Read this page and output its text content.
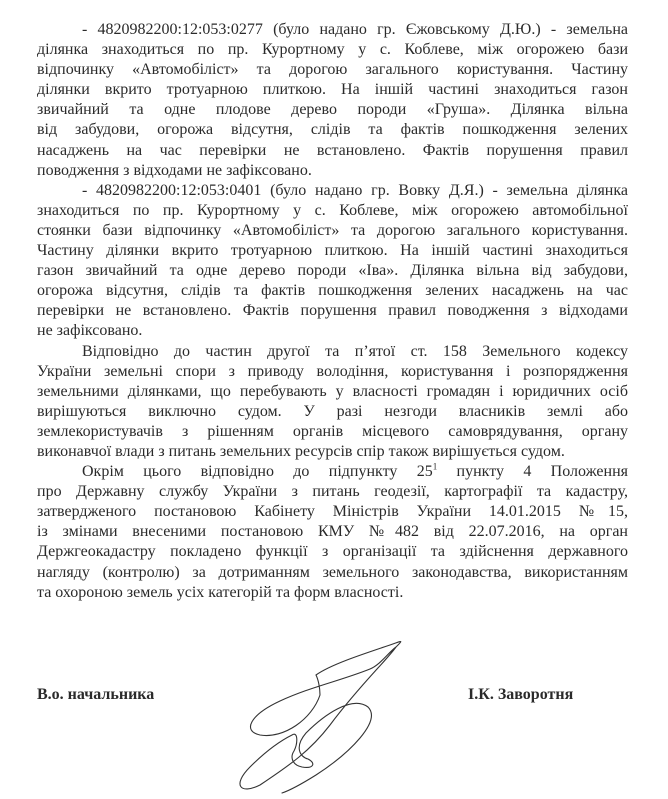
- 4820982200:12:053:0277 (було надано гр. Єжовському Д.Ю.) - земельна
ділянка знаходиться по пр. Курортному у с. Коблеве, між огорожею бази
відпочинку «Автомобіліст» та дорогою загального користування. Частину
ділянки вкрито тротуарною плиткою. На іншій частині знаходиться газон
звичайний та одне плодове дерево породи «Груша». Ділянка вільна
від забудови, огорожа відсутня, слідів та фактів пошкодження зелених
насаджень на час перевірки не встановлено. Фактів порушення правил
поводження з відходами не зафіксовано.
- 4820982200:12:053:0401 (було надано гр. Вовку Д.Я.) - земельна ділянка
знаходиться по пр. Курортному у с. Коблеве, між огорожею автомобільної
стоянки бази відпочинку «Автомобіліст» та дорогою загального користування.
Частину ділянки вкрито тротуарною плиткою. На іншій частині знаходиться
газон звичайний та одне дерево породи «Іва». Ділянка вільна від забудови,
огорожа відсутня, слідів та фактів пошкодження зелених насаджень на час
перевірки не встановлено. Фактів порушення правил поводження з відходами
не зафіксовано.
Відповідно до частин другої та п’ятої ст. 158 Земельного кодексу
України земельні спори з приводу володіння, користування і розпорядження
земельними ділянками, що перебувають у власності громадян і юридичних осіб
вирішуються виключно судом. У разі незгоди власників землі або
землекористувачів з рішенням органів місцевого самоврядування, органу
виконавчої влади з питань земельних ресурсів спір також вирішується судом.
Окрім цього відповідно до підпункту $25^1$ пункту 4 Положення
про Державну службу України з питань геодезії, картографії та кадастру,
затвердженого постановою Кабінету Міністрів України 14.01.2015 №15,
із змінами внесеними постановою КМУ №482 від 22.07.2016, на орган
Держгеокадастру покладено функції з організації та здійснення державного
нагляду (контролю) за дотриманням земельного законодавства, використанням
та охороною земель усіх категорій та форм власності.
В.о. начальника	І.К. Заворотня
